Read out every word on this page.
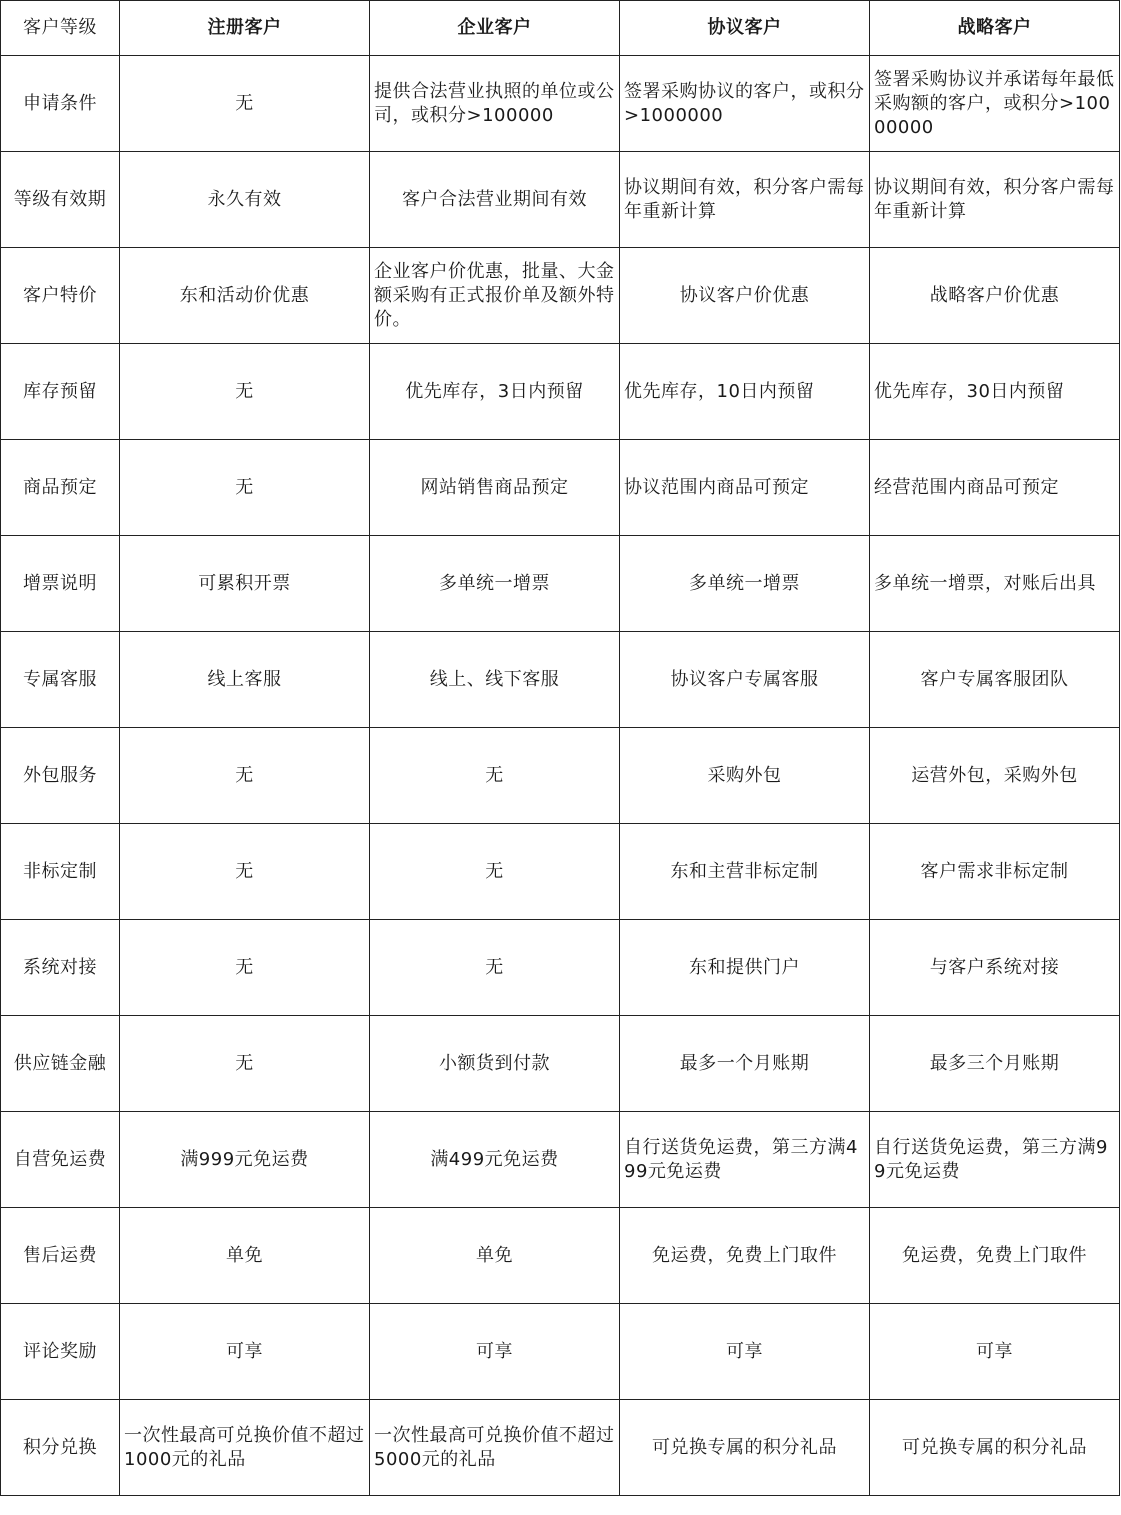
客户等级	注册客户	企业客户	协议客户	战略客户
申请条件	无	提供合法营业执照的单位或公司，或积分>100000	签署采购协议的客户，或积分>1000000	签署采购协议并承诺每年最低采购额的客户，或积分>10000000
等级有效期	永久有效	客户合法营业期间有效	协议期间有效，积分客户需每年重新计算	协议期间有效，积分客户需每年重新计算
客户特价	东和活动价优惠	企业客户价优惠，批量、大金额采购有正式报价单及额外特价。	协议客户价优惠	战略客户价优惠
库存预留	无	优先库存，3日内预留	优先库存，10日内预留	优先库存，30日内预留
商品预定	无	网站销售商品预定	协议范围内商品可预定	经营范围内商品可预定
增票说明	可累积开票	多单统一增票	多单统一增票	多单统一增票，对账后出具
专属客服	线上客服	线上、线下客服	协议客户专属客服	客户专属客服团队
外包服务	无	无	采购外包	运营外包，采购外包
非标定制	无	无	东和主营非标定制	客户需求非标定制
系统对接	无	无	东和提供门户	与客户系统对接
供应链金融	无	小额货到付款	最多一个月账期	最多三个月账期
自营免运费	满999元免运费	满499元免运费	自行送货免运费，第三方满499元免运费	自行送货免运费，第三方满99元免运费
售后运费	单免	单免	免运费，免费上门取件	免运费，免费上门取件
评论奖励	可享	可享	可享	可享
积分兑换	一次性最高可兑换价值不超过1000元的礼品	一次性最高可兑换价值不超过5000元的礼品	可兑换专属的积分礼品	可兑换专属的积分礼品
